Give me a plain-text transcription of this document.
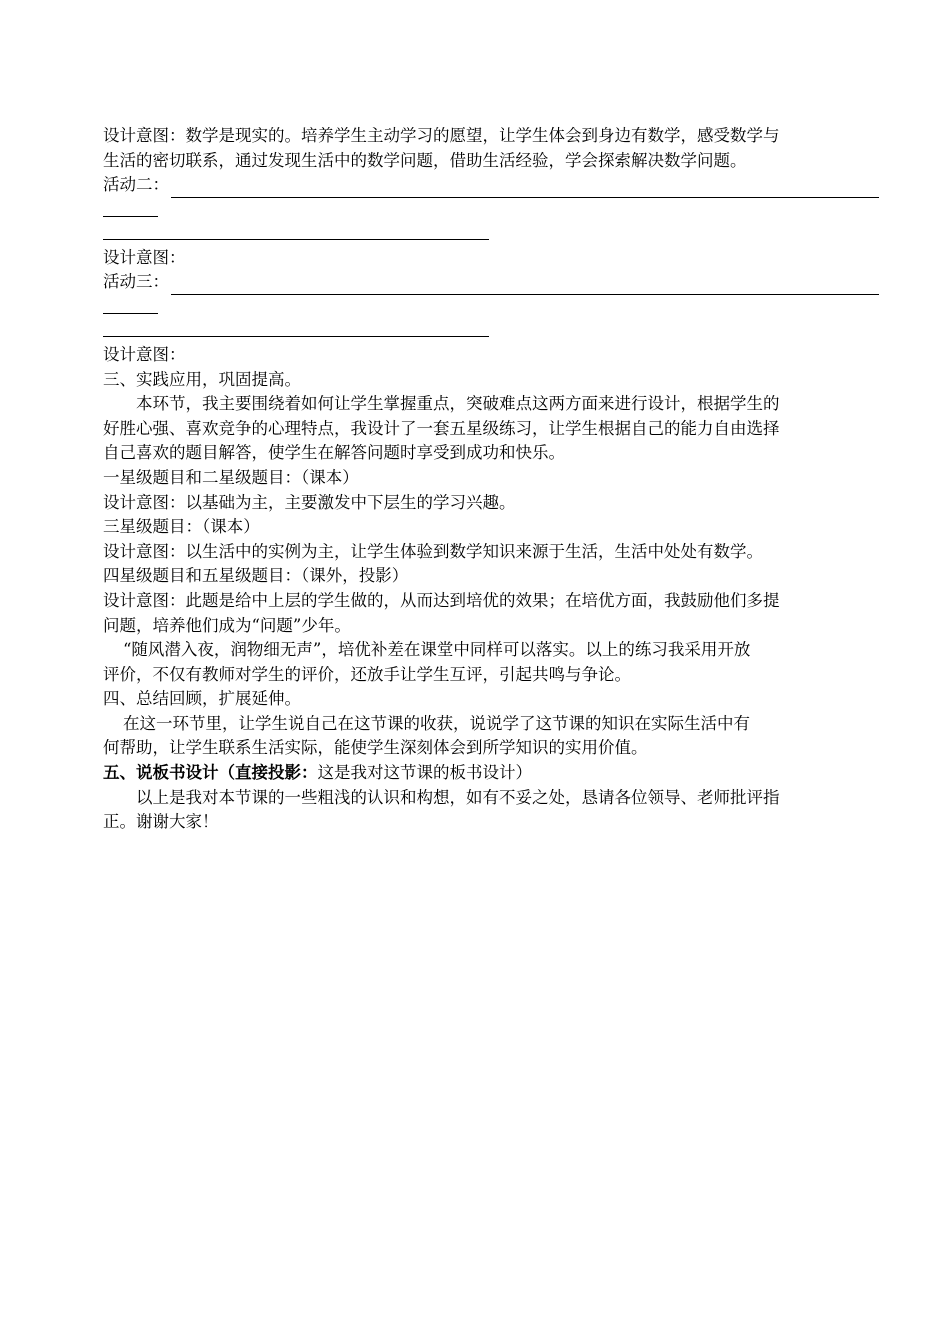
设计意图：数学是现实的。培养学生主动学习的愿望，让学生体会到身边有数学，感受数学与
生活的密切联系，通过发现生活中的数学问题，借助生活经验，学会探索解决数学问题。
活动二：
设计意图：
活动三：
设计意图：
三、实践应用，巩固提高。
本环节，我主要围绕着如何让学生掌握重点，突破难点这两方面来进行设计，根据学生的
好胜心强、喜欢竞争的心理特点，我设计了一套五星级练习，让学生根据自己的能力自由选择
自己喜欢的题目解答，使学生在解答问题时享受到成功和快乐。
一星级题目和二星级题目：（课本）
设计意图：以基础为主，主要激发中下层生的学习兴趣。
三星级题目：（课本）
设计意图：以生活中的实例为主，让学生体验到数学知识来源于生活，生活中处处有数学。
四星级题目和五星级题目：（课外，投影）
设计意图：此题是给中上层的学生做的，从而达到培优的效果；在培优方面，我鼓励他们多提
问题，培养他们成为“问题”少年。
“随风潜入夜，润物细无声”，培优补差在课堂中同样可以落实。以上的练习我采用开放
评价，不仅有教师对学生的评价，还放手让学生互评，引起共鸣与争论。
四、总结回顾，扩展延伸。
在这一环节里，让学生说自己在这节课的收获，说说学了这节课的知识在实际生活中有
何帮助，让学生联系生活实际，能使学生深刻体会到所学知识的实用价值。
五、说板书设计（直接投影：这是我对这节课的板书设计）
以上是我对本节课的一些粗浅的认识和构想，如有不妥之处，恳请各位领导、老师批评指
正。谢谢大家！
